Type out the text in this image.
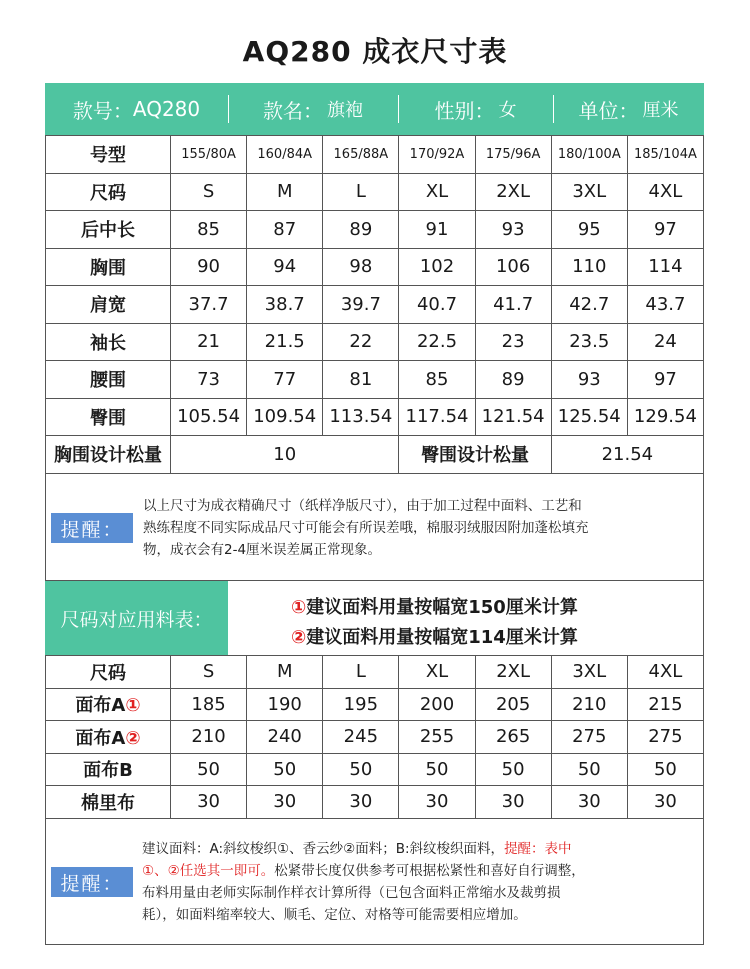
AQ280 成衣尺寸表
款号： AQ280	款名： 旗袍	性别： 女	单位： 厘米
号型	155/80A	160/84A	165/88A	170/92A	175/96A	180/100A	185/104A
尺码	S	M	L	XL	2XL	3XL	4XL
后中长	85	87	89	91	93	95	97
胸围	90	94	98	102	106	110	114
肩宽	37.7	38.7	39.7	40.7	41.7	42.7	43.7
袖长	21	21.5	22	22.5	23	23.5	24
腰围	73	77	81	85	89	93	97
臀围	105.54	109.54	113.54	117.54	121.54	125.54	129.54
胸围设计松量	10			臀围设计松量		21.54	
提醒：
以上尺寸为成衣精确尺寸（纸样净版尺寸），由于加工过程中面料、工艺和
熟练程度不同实际成品尺寸可能会有所误差哦，棉服羽绒服因附加蓬松填充
物，成衣会有2-4厘米误差属正常现象。
尺码对应用料表：
①建议面料用量按幅宽150厘米计算
②建议面料用量按幅宽114厘米计算
尺码	S	M	L	XL	2XL	3XL	4XL
面布A①	185	190	195	200	205	210	215
面布A②	210	240	245	255	265	275	275
面布B	50	50	50	50	50	50	50
棉里布	30	30	30	30	30	30	30
提醒：
建议面料：A:斜纹梭织①、香云纱②面料；B:斜纹梭织面料，提醒：表中
①、②任选其一即可。松紧带长度仅供参考可根据松紧性和喜好自行调整，
布料用量由老师实际制作样衣计算所得（已包含面料正常缩水及裁剪损
耗），如面料缩率较大、顺毛、定位、对格等可能需要相应增加。
